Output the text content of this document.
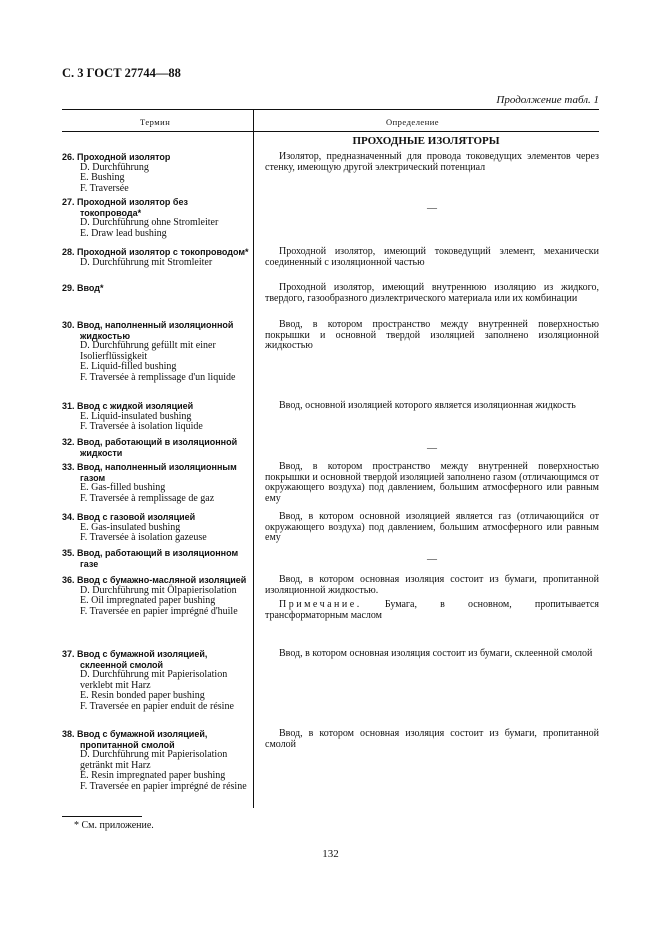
С. 3 ГОСТ 27744—88
Продолжение табл. 1
Термин	Определение
ПРОХОДНЫЕ ИЗОЛЯТОРЫ
26. Проходной изолятор
D. Durchführung
E. Bushing
F. Traversée
Изолятор, предназначенный для провода токоведущих элементов через стенку, имеющую другой электрический потенциал
27. Проходной изолятор без токопровода*
D. Durchführung ohne Stromleiter
E. Draw lead bushing
—
28. Проходной изолятор с токопроводом*
D. Durchführung mit Stromleiter
Проходной изолятор, имеющий токоведущий элемент, механически соединенный с изоляционной частью
29. Ввод*	Проходной изолятор, имеющий внутреннюю изоляцию из жидкого, твердого, газообразного диэлектрического материала или их комбинации
30. Ввод, наполненный изоляционной жидкостью
D. Durchführung gefüllt mit einer Isolierflüssigkeit
E. Liquid-filled bushing
F. Traversée à remplissage d'un liquide
Ввод, в котором пространство между внутренней поверхностью покрышки и основной твердой изоляцией заполнено изоляционной жидкостью
31. Ввод с жидкой изоляцией
E. Liquid-insulated bushing
F. Traversée à isolation liquide
Ввод, основной изоляцией которого является изоляционная жидкость
32. Ввод, работающий в изоляционной жидкости	—
33. Ввод, наполненный изоляционным газом
E. Gas-filled bushing
F. Traversée à remplissage de gaz
Ввод, в котором пространство между внутренней поверхностью покрышки и основной твердой изоляцией заполнено газом (отличающимся от окружающего воздуха) под давлением, большим атмосферного или равным ему
34. Ввод с газовой изоляцией
E. Gas-insulated bushing
F. Traversée à isolation gazeuse
Ввод, в котором основной изоляцией является газ (отличающийся от окружающего воздуха) под давлением, большим атмосферного или равным ему
35. Ввод, работающий в изоляционном газе	—
36. Ввод с бумажно-масляной изоляцией
D. Durchführung mit Ölpapierisolation
E. Oil impregnated paper bushing
F. Traversée en papier imprégné d'huile
Ввод, в котором основная изоляция состоит из бумаги, пропитанной изоляционной жидкостью.
Примечание. Бумага, в основном, пропитывается трансформаторным маслом
37. Ввод с бумажной изоляцией, склеенной смолой
D. Durchführung mit Papierisolation verklebt mit Harz
E. Resin bonded paper bushing
F. Traversée en papier enduit de résine
Ввод, в котором основная изоляция состоит из бумаги, склеенной смолой
38. Ввод с бумажной изоляцией, пропитанной смолой
D. Durchführung mit Papierisolation getränkt mit Harz
E. Resin impregnated paper bushing
F. Traversée en papier imprégné de résine
Ввод, в котором основная изоляция состоит из бумаги, пропитанной смолой
* См. приложение.
132
